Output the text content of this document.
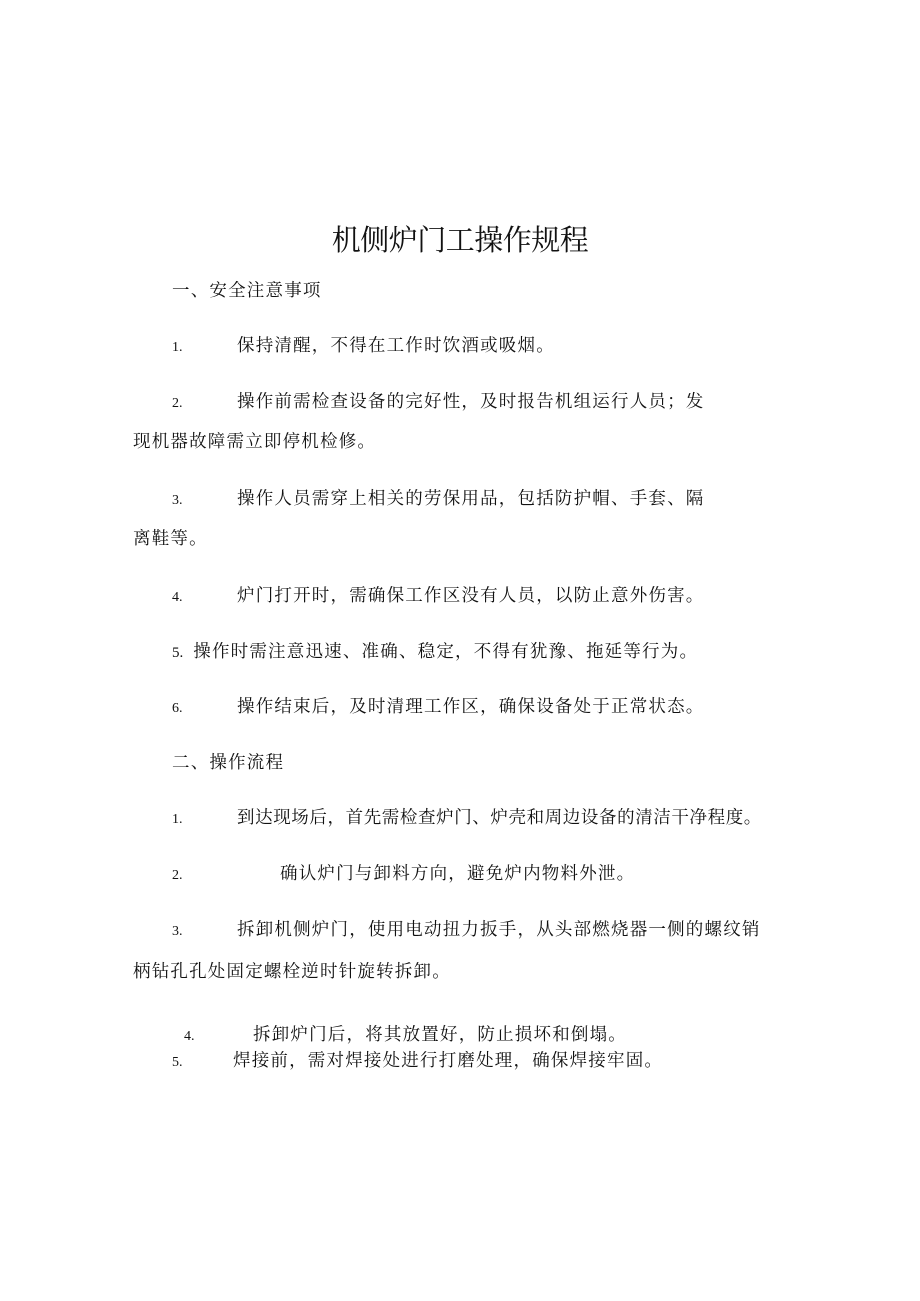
机侧炉门工操作规程
一、安全注意事项
1.	保持清醒，不得在工作时饮酒或吸烟。
2.	操作前需检查设备的完好性，及时报告机组运行人员；发
现机器故障需立即停机检修。
3.	操作人员需穿上相关的劳保用品，包括防护帽、手套、隔
离鞋等。
4.	炉门打开时，需确保工作区没有人员，以防止意外伤害。
5. 操作时需注意迅速、准确、稳定，不得有犹豫、拖延等行为。
6.	操作结束后，及时清理工作区，确保设备处于正常状态。
二、操作流程
1.	到达现场后，首先需检查炉门、炉壳和周边设备的清洁干净程度。
2.	确认炉门与卸料方向，避免炉内物料外泄。
3.	拆卸机侧炉门，使用电动扭力扳手，从头部燃烧器一侧的螺纹销
柄钻孔孔处固定螺栓逆时针旋转拆卸。
4.	拆卸炉门后，将其放置好，防止损坏和倒塌。
5.	焊接前，需对焊接处进行打磨处理，确保焊接牢固。
